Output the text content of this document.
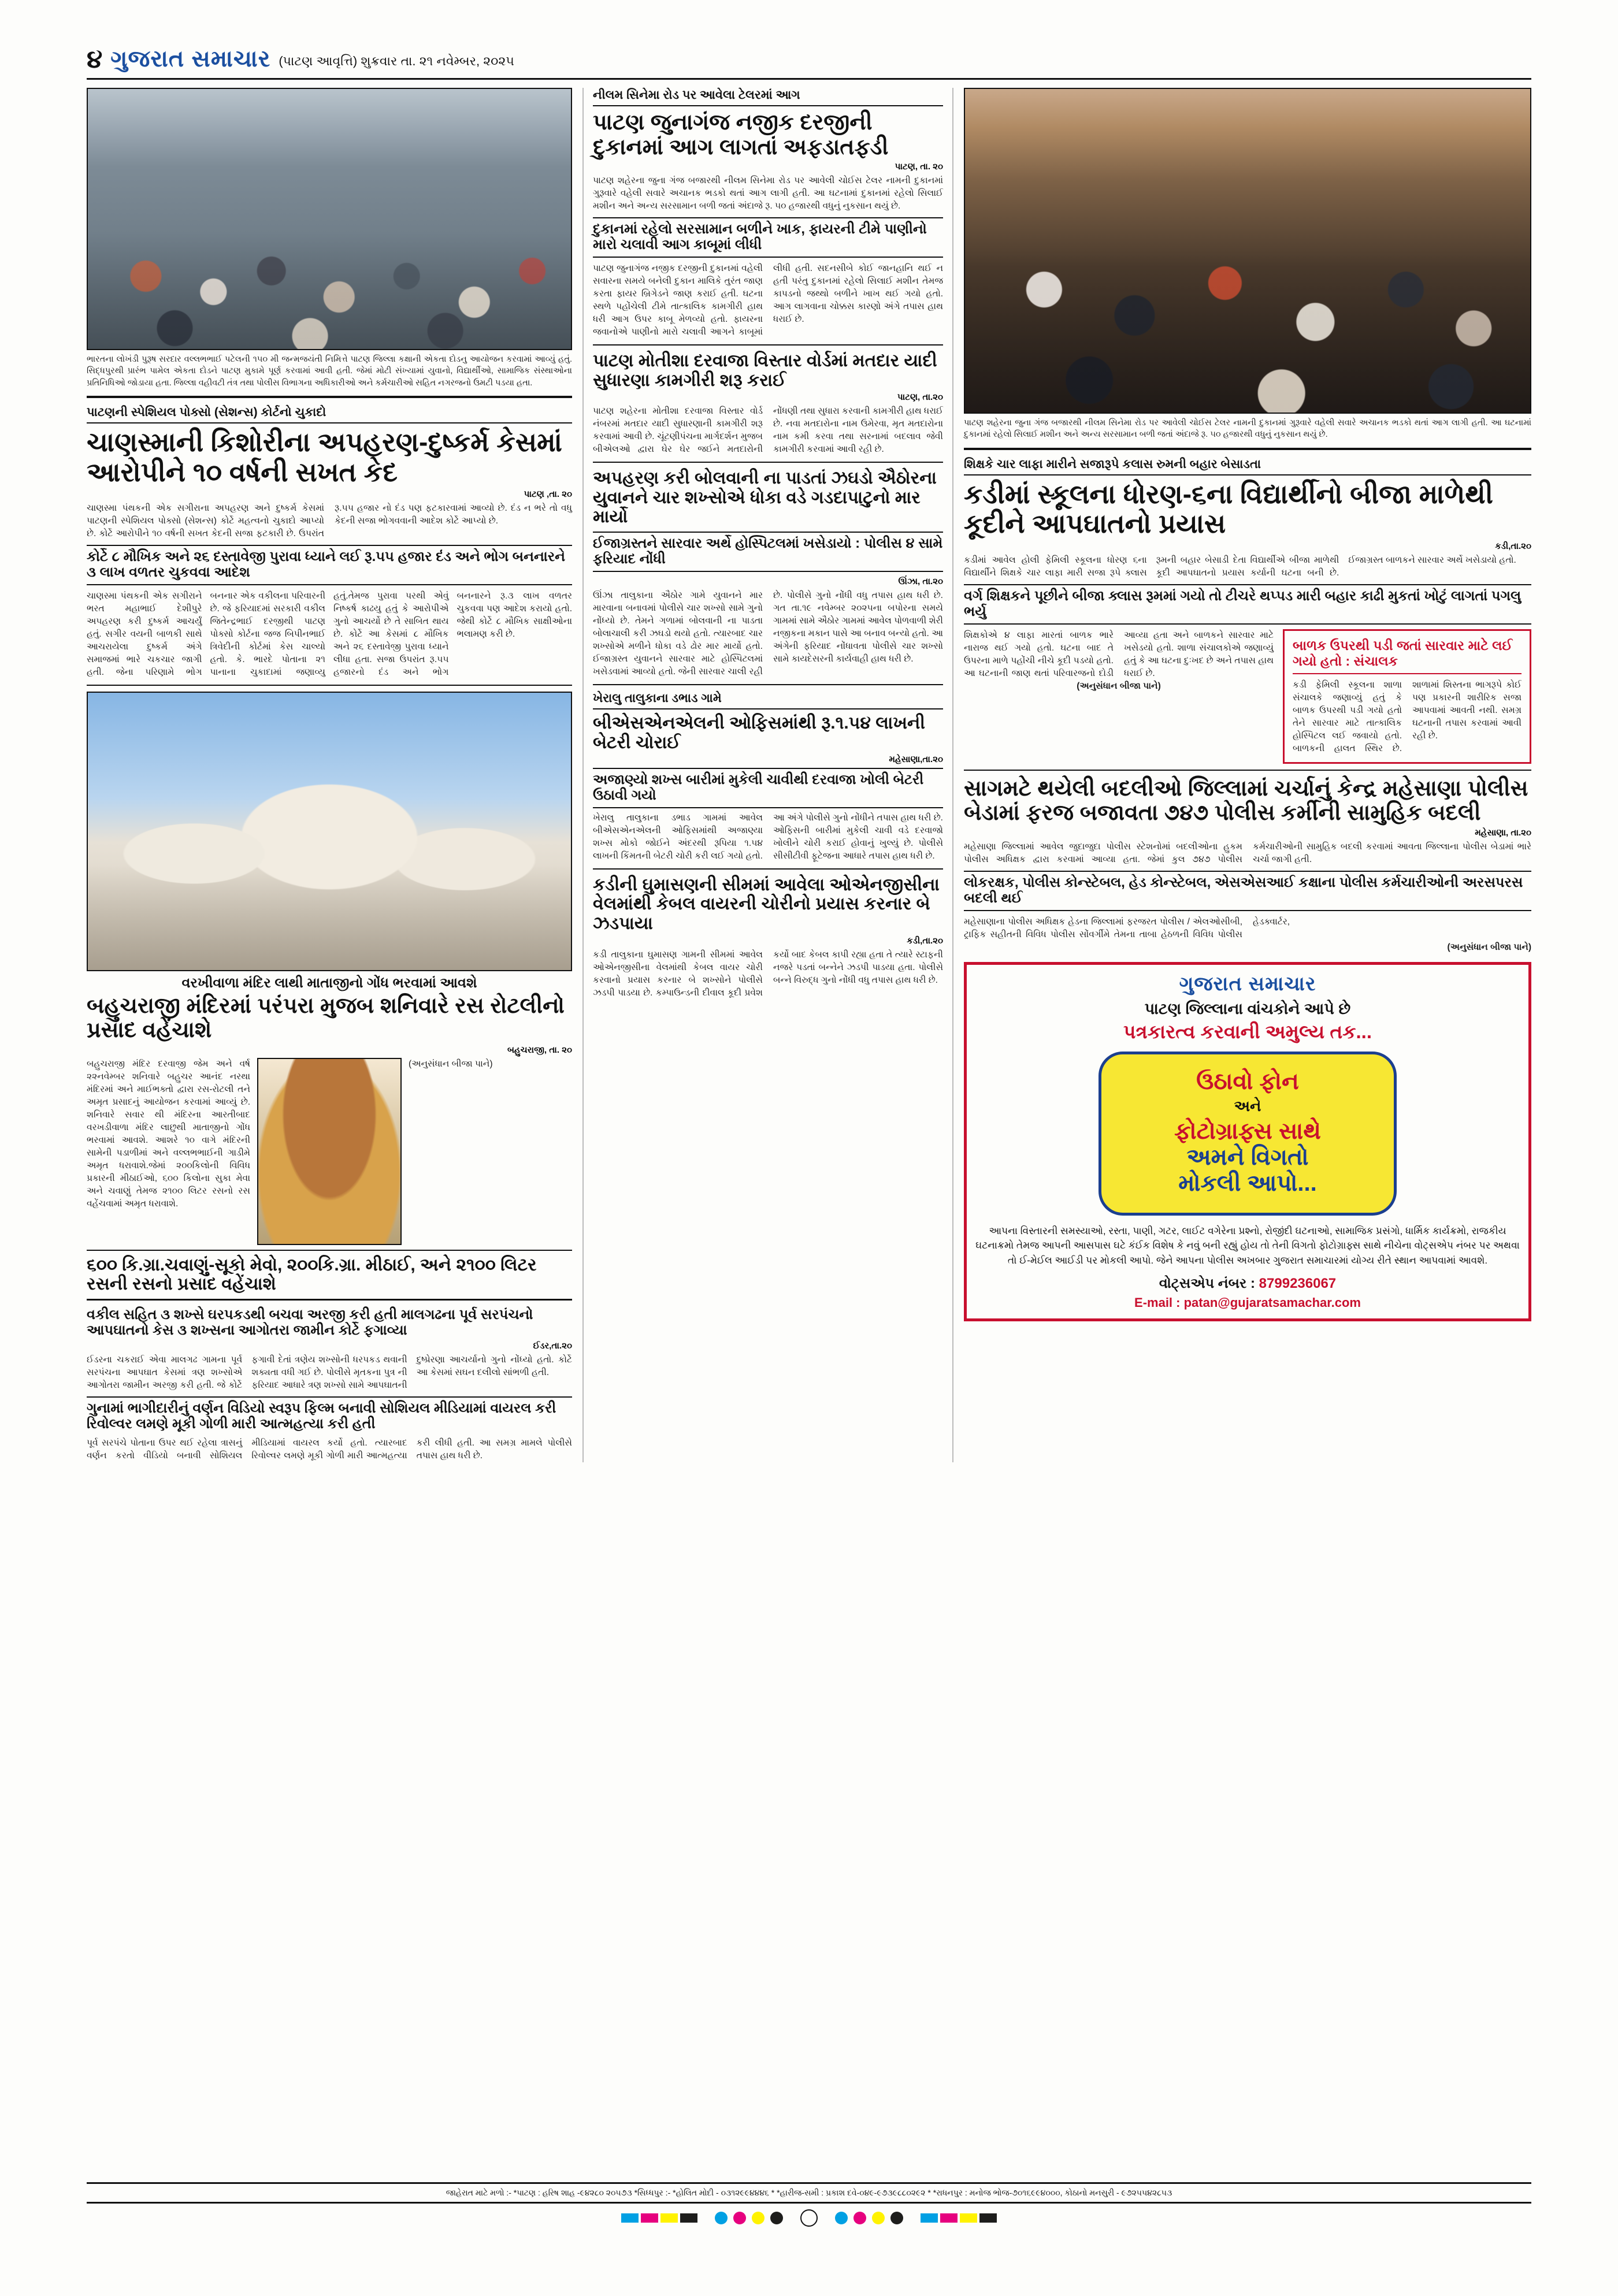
૪ ગુજરાત સમાચાર (પાટણ આવૃત્તિ) શુક્રવાર તા. ૨૧ નવેમ્બર, ૨૦૨૫
ભારતના લોખંડી પુરૂષ સરદાર વલ્લભભાઈ પટેલની ૧૫૦ મી જન્મજયંતી નિમિત્તે પાટણ જિલ્લા કક્ષાની એકતા દોડનુ આયોજન કરવામાં આવ્યું હતું. સિદ્ધપુરથી પ્રારંભ પામેલ એકતા દોડને પાટણ મુકામે પૂર્ણ કરવામાં આવી હતી. જેમાં મોટી સંખ્યામાં યુવાનો, વિદ્યાર્થીઓ, સામાજિક સંસ્થાઓના પ્રતિનિધિઓ જોડાયા હતા. જિલ્લા વહીવટી તંત્ર તથા પોલીસ વિભાગના અધિકારીઓ અને કર્મચારીઓ સહિત નગરજનો ઉમટી પડયા હતા.
પાટણની સ્પેશિયલ પોક્સો (સેશન્સ) કોર્ટનો ચુકાદો
ચાણસ્માની કિશોરીના અપહરણ-દુષ્કર્મ કેસમાં આરોપીને ૧૦ વર્ષની સખત કેદ
પાટણ ,તા. ૨૦
ચાણસ્મા પંથકની એક સગીરાના અપહરણ અને દુષ્કર્મ કેસમાં પાટણની સ્પેશિયલ પોક્સો (સેશન્સ) કોર્ટે મહત્વનો ચુકાદો આપ્યો છે. કોર્ટે આરોપીને ૧૦ વર્ષની સખત કેદની સજા ફટકારી છે. ઉપરાંત રૂ.૫૫ હજાર નો દંડ પણ ફટકારવામાં આવ્યો છે. દંડ ન ભરે તો વધુ કેદની સજા ભોગવવાની આદેશ કોર્ટે આપ્યો છે.
કોર્ટે ૮ મૌખિક અને ૨૬ દસ્તાવેજી પુરાવા ધ્યાને લઈ રૂ.૫૫ હજાર દંડ અને ભોગ બનનારને ૩ લાખ વળતર ચુકવવા આદેશ
ચાણસ્મા પંથકની એક સગીરાને ભરત મહાભાઈ દેશીપુરે અપહરણ કરી દુષ્કર્મ આચર્યું હતું. સગીર વયની બાળકી સાથે આચરાયેલા દુષ્કર્મ અંગે સમાજમાં ભારે ચકચાર જાગી હતી. જેના પરિણામે ભોગ બનનાર એક વકીલના પરિવારની છે. જે ફરિયાદમાં સરકારી વકીલ જિતેન્દ્રભાઈ દરજીથી પાટણ પોક્સો કોર્ટના જજ બિપીનભાઈ ત્રિવેદીની કોર્ટમાં કેસ ચાલ્યો હતો. કે. ભારદે પોતાના ૨૧ પાનાના ચુકાદામાં જણાવ્યુ હતું.તેમજ પુરાવા પરથી એવું નિષ્કર્ષ કાઢયુ હતું કે આરોપીએ ગુનો આચર્યો છે તે સાબિત થાય છે. કોર્ટે આ કેસમાં ૮ મૌખિક અને ૨૬ દસ્તાવેજી પુરાવા ધ્યાને લીધા હતા. સજા ઉપરાંત રૂ.૫૫ હજારનો દંડ અને ભોગ બનનારને રૂ.૩ લાખ વળતર ચુકવવા પણ આદેશ કરાયો હતો. જેથી કોર્ટે ૮ મૌખિક સાક્ષીઓના ભલામણ કરી છે.
વરખીવાળા મંદિર લાથી માતાજીનો ગોંધ ભરવામાં આવશે
બહુચરાજી મંદિરમાં પરંપરા મુજબ શનિવારે રસ રોટલીનો પ્રસાદ વહેંચાશે
બહુચરાજી, તા. ૨૦
બહુચરાજી મંદિર દરવાજી જેમ અને વર્ષ ૨૨નવેમ્બર શનિવારે બહુચર આનંદ નરથા મંદિરમાં અને માઈભક્તો દ્વારા રસ-રોટલી તને અમૃત પ્રસાદનું આયોજન કરવામાં આવ્યું છે. શનિવારે સવાર થી મંદિરના આરતીબાદ વરખડીવાળા મંદિર લાછુથી માતાજીનો ગોંધ ભરવામાં આવશે. આશરે ૧૦ વાગે મંદિરની સામેની પડાળીમાં અને વલ્લભભાઈની ગાડીમે અમૃત ધરાવાશે.જેમાં ૨૦૦કિલોની વિવિધ પ્રકારની મીઠાઈઓ, ૬૦૦ કિલોના સુકા મેવા અને ચવાણું તેમજ ૨૧૦૦ લિટર રસનો રસ વહેંચવામાં અમૃત ધરાવાશે.
(અનુસંધાન બીજા પાને)
૬૦૦ કિ.ગ્રા.ચવાણું-સૂકો મેવો, ૨૦૦કિ.ગ્રા. મીઠાઈ, અને ૨૧૦૦ લિટર રસની રસનો પ્રસાદ વહેંચાશે
વકીલ સહિત ૩ શખ્સે ઘરપકડથી બચવા અરજી કરી હતી માલગઢના પૂર્વ સરપંચનો આપઘાતનો કેસ ૩ શખ્સના આગોતરા જામીન કોર્ટે ફગાવ્યા
ઈડર,તા.૨૦
ઈડરના ચકરાઈ એવા માલગઢ ગામના પૂર્વ સરપંચના આપઘાત કેસમાં ત્રણ શખ્સોએ આગોતરા જામીન અરજી કરી હતી. જે કોર્ટે ફગાવી દેતાં ત્રણેય શખ્સોની ધરપકડ થવાની શક્યતા વધી ગઈ છે. પોલીસે મૃતકના પુત્ર ની ફરિયાદ આધારે ત્રણ શખ્સો સામે આપઘાતની દુષ્પ્રેરણા આચર્યાનો ગુનો નોંધ્યો હતો. કોર્ટે આ કેસમાં સઘન દલીલો સાંભળી હતી.
ગુનામાં ભાગીદારીનું વર્ણન વિડિયો સ્વરૂપ ફિલ્મ બનાવી સોશિયલ મીડિયામાં વાયરલ કરી રિવોલ્વર લમણે મૂકી ગોળી મારી આત્મહત્યા કરી હતી
પૂર્વ સરપંચે પોતાના ઉપર થઈ રહેલા ત્રાસનું વર્ણન કરતો વીડિયો બનાવી સોશિયલ મીડિયામાં વાયરલ કર્યો હતો. ત્યારબાદ રિવોલ્વર લમણે મૂકી ગોળી મારી આત્મહત્યા કરી લીધી હતી. આ સમગ્ર મામલે પોલીસે તપાસ હાથ ધરી છે.
નીલમ સિનેમા રોડ પર આવેલા ટેલરમાં આગ
પાટણ જુનાગંજ નજીક દરજીની દુકાનમાં આગ લાગતાં અફડાતફડી
પાટણ, તા. ૨૦
પાટણ શહેરના જુના ગંજ બજારથી નીલમ સિનેમા રોડ પર આવેલી ચોઈસ ટેલર નામની દુકાનમાં ગુરૂવારે વહેલી સવારે અચાનક ભડકો થતાં આગ લાગી હતી. આ ઘટનામાં દુકાનમાં રહેલો સિલાઈ મશીન અને અન્ય સરસામાન બળી જતાં અંદાજે રૂ. ૫૦ હજારથી વધુનું નુકસાન થયું છે.
દુકાનમાં રહેલો સરસામાન બળીને ખાક, ફાયરની ટીમે પાણીનો મારો ચલાવી આગ કાબૂમાં લીધી
પાટણ જુનાગંજ નજીક દરજીની દુકાનમાં વહેલી સવારના સમયે બનેલી દુકાન માલિકે તુરંત જાણ કરતા ફાયર બ્રિગેડને જાણ કરાઈ હતી. ઘટના સ્થળે પહોંચેલી ટીમે તાત્કાલિક કામગીરી હાથ ધરી આગ ઉપર કાબૂ મેળવ્યો હતો. ફાયરના જવાનોએ પાણીનો મારો ચલાવી આગને કાબૂમાં લીધી હતી. સદનસીબે કોઈ જાનહાનિ થઈ ન હતી પરંતુ દુકાનમાં રહેલો સિલાઈ મશીન તેમજ કાપડનો જથ્થો બળીને ખાખ થઈ ગયો હતો. આગ લાગવાના ચોક્કસ કારણો અંગે તપાસ હાથ ધરાઈ છે.
પાટણ મોતીશા દરવાજા વિસ્તાર વોર્ડમાં મતદાર યાદી સુધારણા કામગીરી શરૂ કરાઈ
પાટણ, તા.૨૦
પાટણ શહેરના મોતીશા દરવાજા વિસ્તાર વોર્ડ નંબરમાં મતદાર યાદી સુધારણાની કામગીરી શરૂ કરવામાં આવી છે. ચૂંટણીપંચના માર્ગદર્શન મુજબ બીએલઓ દ્વારા ઘેર ઘેર જઈને મતદારોની નોંધણી તથા સુધારા કરવાની કામગીરી હાથ ધરાઈ છે. નવા મતદારોના નામ ઉમેરવા, મૃત મતદારોના નામ કમી કરવા તથા સરનામાં બદલાવ જેવી કામગીરી કરવામાં આવી રહી છે.
અપહરણ કરી બોલવાની ના પાડતાં ઝઘડો ઐઠોરના યુવાનને ચાર શખ્સોએ ધોકા વડે ગડદાપાટુનો માર માર્યો
ઈજાગ્રસ્તને સારવાર અર્થે હોસ્પિટલમાં ખસેડાયો : પોલીસ ૪ સામે ફરિયાદ નોંધી
ઊંઝા, તા.૨૦
ઊંઝા તાલુકાના ઐઠોર ગામે યુવાનને માર મારવાના બનાવમાં પોલીસે ચાર શખ્સો સામે ગુનો નોંધ્યો છે. તેમને ગળામાં બોલવાની ના પાડતા બોલાચાલી કરી ઝઘડો થયો હતો. ત્યારબાદ ચાર શખ્સોએ મળીને ધોકા વડે ઢોર માર માર્યો હતો. ઈજાગ્રસ્ત યુવાનને સારવાર માટે હોસ્પિટલમાં ખસેડવામાં આવ્યો હતો. જેની સારવાર ચાલી રહી છે. પોલીસે ગુનો નોંધી વધુ તપાસ હાથ ધરી છે. ગત તા.૧૯ નવેમ્બર ૨૦૨૫ના બપોરના સમયે ગામમાં સામે ઐઠોર ગામમાં આવેલ પોળવાળી શેરી નજીકના મકાન પાસે આ બનાવ બન્યો હતો. આ અંગેની ફરિયાદ નોંધાવતા પોલીસે ચાર શખ્સો સામે કાયદેસરની કાર્યવાહી હાથ ધરી છે.
ખેરાલુ તાલુકાના ડભાડ ગામે
બીએસએનએલની ઓફિસમાંથી રૂ.૧.૫૪ લાખની બેટરી ચોરાઈ
મહેસાણા,તા.૨૦
અજાણ્યો શખ્સ બારીમાં મુકેલી ચાવીથી દરવાજા ખોલી બેટરી ઉઠાવી ગયો
ખેરાલુ તાલુકાના ડભાડ ગામમાં આવેલ બીએસએનએલની ઓફિસમાંથી અજાણ્યા શખ્સ મોકો જોઈને અંદરથી રૂપિયા ૧.૫૪ લાખની કિંમતની બેટરી ચોરી કરી લઈ ગયો હતો. આ અંગે પોલીસે ગુનો નોંધીને તપાસ હાથ ધરી છે. ઓફિસની બારીમાં મુકેલી ચાવી વડે દરવાજો ખોલીને ચોરી કરાઈ હોવાનું ખુલ્યું છે. પોલીસે સીસીટીવી ફૂટેજના આધારે તપાસ હાથ ધરી છે.
કડીની ઘુમાસણની સીમમાં આવેલા ઓએનજીસીના વેલમાંથી કેબલ વાયરની ચોરીનો પ્રયાસ કરનાર બે ઝડપાયા
કડી,તા.૨૦
કડી તાલુકાના ઘુમાસણ ગામની સીમમાં આવેલ ઓએનજીસીના વેલમાંથી કેબલ વાયર ચોરી કરવાનો પ્રયાસ કરનાર બે શખ્સોને પોલીસે ઝડપી પાડયા છે. કમ્પાઉન્ડની દીવાલ કૂદી પ્રવેશ કર્યો બાદ કેબલ કાપી રહ્યા હતા તે ત્યારે સ્ટાફની નજરે પડતાં બન્નેને ઝડપી પાડયા હતા. પોલીસે બન્ને વિરુદ્ધ ગુનો નોંધી વધુ તપાસ હાથ ધરી છે.
પાટણ શહેરના જુના ગંજ બજારથી નીલમ સિનેમા રોડ પર આવેલી ચોઈસ ટેલર નામની દુકાનમાં ગુરૂવારે વહેલી સવારે અચાનક ભડકો થતાં આગ લાગી હતી. આ ઘટનામાં દુકાનમાં રહેલો સિલાઈ મશીન અને અન્ય સરસામાન બળી જતાં અંદાજે રૂ. ૫૦ હજારથી વધુનું નુકસાન થયું છે.
શિક્ષકે ચાર લાફા મારીને સજારૂપે કલાસ રુમની બહાર બેસાડતા
કડીમાં સ્કૂલના ધોરણ-૬ના વિદ્યાર્થીનો બીજા માળેથી કૂદીને આપઘાતનો પ્રયાસ
કડી,તા.૨૦
કડીમાં આવેલ હોલી ફેમિલી સ્કૂલના ધોરણ ૬ના વિદ્યાર્થીને શિક્ષકે ચાર લાફા મારી સજા રૂપે ક્લાસ રૂમની બહાર બેસાડી દેતા વિદ્યાર્થીએ બીજા માળેથી કૂદી આપઘાતનો પ્રયાસ કર્યાની ઘટના બની છે. ઈજાગ્રસ્ત બાળકને સારવાર અર્થે ખસેડાયો હતો.
વર્ગ શિક્ષકને પૂછીને બીજા ક્લાસ રૂમમાં ગયો તો ટીચરે થપ્પડ મારી બહાર કાઢી મુકતાં ખોટું લાગતાં પગલુ ભર્યુ
શિક્ષકોએ ૪ લાફા મારતાં બાળક ભારે નારાજ થઈ ગયો હતો. ઘટના બાદ તે ઉપરના માળે પહોંચી નીચે કૂદી પડયો હતો. આ ઘટનાની જાણ થતાં પરિવારજનો દોડી આવ્યા હતા અને બાળકને સારવાર માટે ખસેડયો હતો. શાળા સંચાલકોએ જણાવ્યું હતું કે આ ઘટના દુઃખદ છે અને તપાસ હાથ ધરાઈ છે.
(અનુસંધાન બીજા પાને)
બાળક ઉપરથી પડી જતાં સારવાર માટે લઈ ગયો હતો : સંચાલક
કડી ફેમિલી સ્કૂલના શાળા સંચાલકે જણાવ્યું હતું કે બાળક ઉપરથી પડી ગયો હતો તેને સારવાર માટે તાત્કાલિક હોસ્પિટલ લઈ જવાયો હતો. બાળકની હાલત સ્થિર છે. શાળામાં શિસ્તના ભાગરૂપે કોઈ પણ પ્રકારની શારીરિક સજા આપવામાં આવતી નથી. સમગ્ર ઘટનાની તપાસ કરવામાં આવી રહી છે.
સાગમટે થયેલી બદલીઓ જિલ્લામાં ચર્ચાનું કેન્દ્ર મહેસાણા પોલીસ બેડામાં ફરજ બજાવતા ૭૪૭ પોલીસ કર્મીની સામુહિક બદલી
મહેસાણા, તા.૨૦
મહેસાણા જિલ્લામાં આવેલ જુદાજુદા પોલીસ સ્ટેશનોમાં બદલીઓના હુકમ પોલીસ અધિક્ષક દ્વારા કરવામાં આવ્યા હતા. જેમાં કુલ ૭૪૭ પોલીસ કર્મચારીઓની સામુહિક બદલી કરવામાં આવતા જિલ્લાના પોલીસ બેડામાં ભારે ચર્ચા જાગી હતી.
લોકરક્ષક, પોલીસ કોન્સ્ટેબલ, હેડ કોન્સ્ટેબલ, એસએસઆઈ કક્ષાના પોલીસ કર્મચારીઓની અરસપરસ બદલી થઈ
મહેસાણાના પોલીસ અધિક્ષક હેડના જિલ્લામાં ફરજરત પોલીસ / એલઓસીબી, ટ્રાફિક સહીતની વિવિધ પોલીસ સોંવર્ગીમે તેમના તાબા હેઠળની વિવિધ પોલીસ હેડક્વાર્ટર,
(અનુસંધાન બીજા પાને)
ગુજરાત સમાચાર
પાટણ જિલ્લાના વાંચકોને આપે છે
પત્રકારત્વ કરવાની અમુલ્ય તક...
ઉઠાવો ફોન
અને
ફોટોગ્રાફ્સ સાથે
અમને વિગતો
મોકલી આપો...
આપના વિસ્તારની સમસ્યાઓ, રસ્તા, પાણી, ગટર, લાઈટ વગેરેના પ્રશ્નો, રોજીંદી ઘટનાઓ, સામાજિક પ્રસંગો, ધાર્મિક કાર્યક્રમો, રાજકીય ઘટનાક્રમો તેમજ આપની આસપાસ ઘટે કંઈક વિશેષ કે નવું બની રહ્યું હોય તો તેની વિગતો ફોટોગ્રાફ્સ સાથે નીચેના વોટ્સએપ નંબર પર અથવા તો ઈ-મેઈલ આઈડી પર મોકલી આપો. જેને આપના પોલીસ અખબાર ગુજરાત સમાચારમાં યોગ્ય રીતે સ્થાન આપવામાં આવશે.
વોટ્સએપ નંબર : 8799236067
E-mail : patan@gujaratsamachar.com
જાહેરાત માટે મળો :- *પાટણ : હરિષ શાહ -૯૪૨૮૦ ૨૦૫૭૩ *સિધ્ધપુર :- *હોલિત મોદી - ૦૩૧૨૯૯૪૪૪૬ * *હારીજ-સમી : પ્રકાશ દવે-૦૪૯-૯૭૩૯૮૮૦૨૯૨ * *રાધનપુર : મનોજ ભોજ-૭૦૧૬૯૯૪૦૦૦, કોઠાનો મનસુરી - ૯૭૨૫૫૪૨૮૫૩
